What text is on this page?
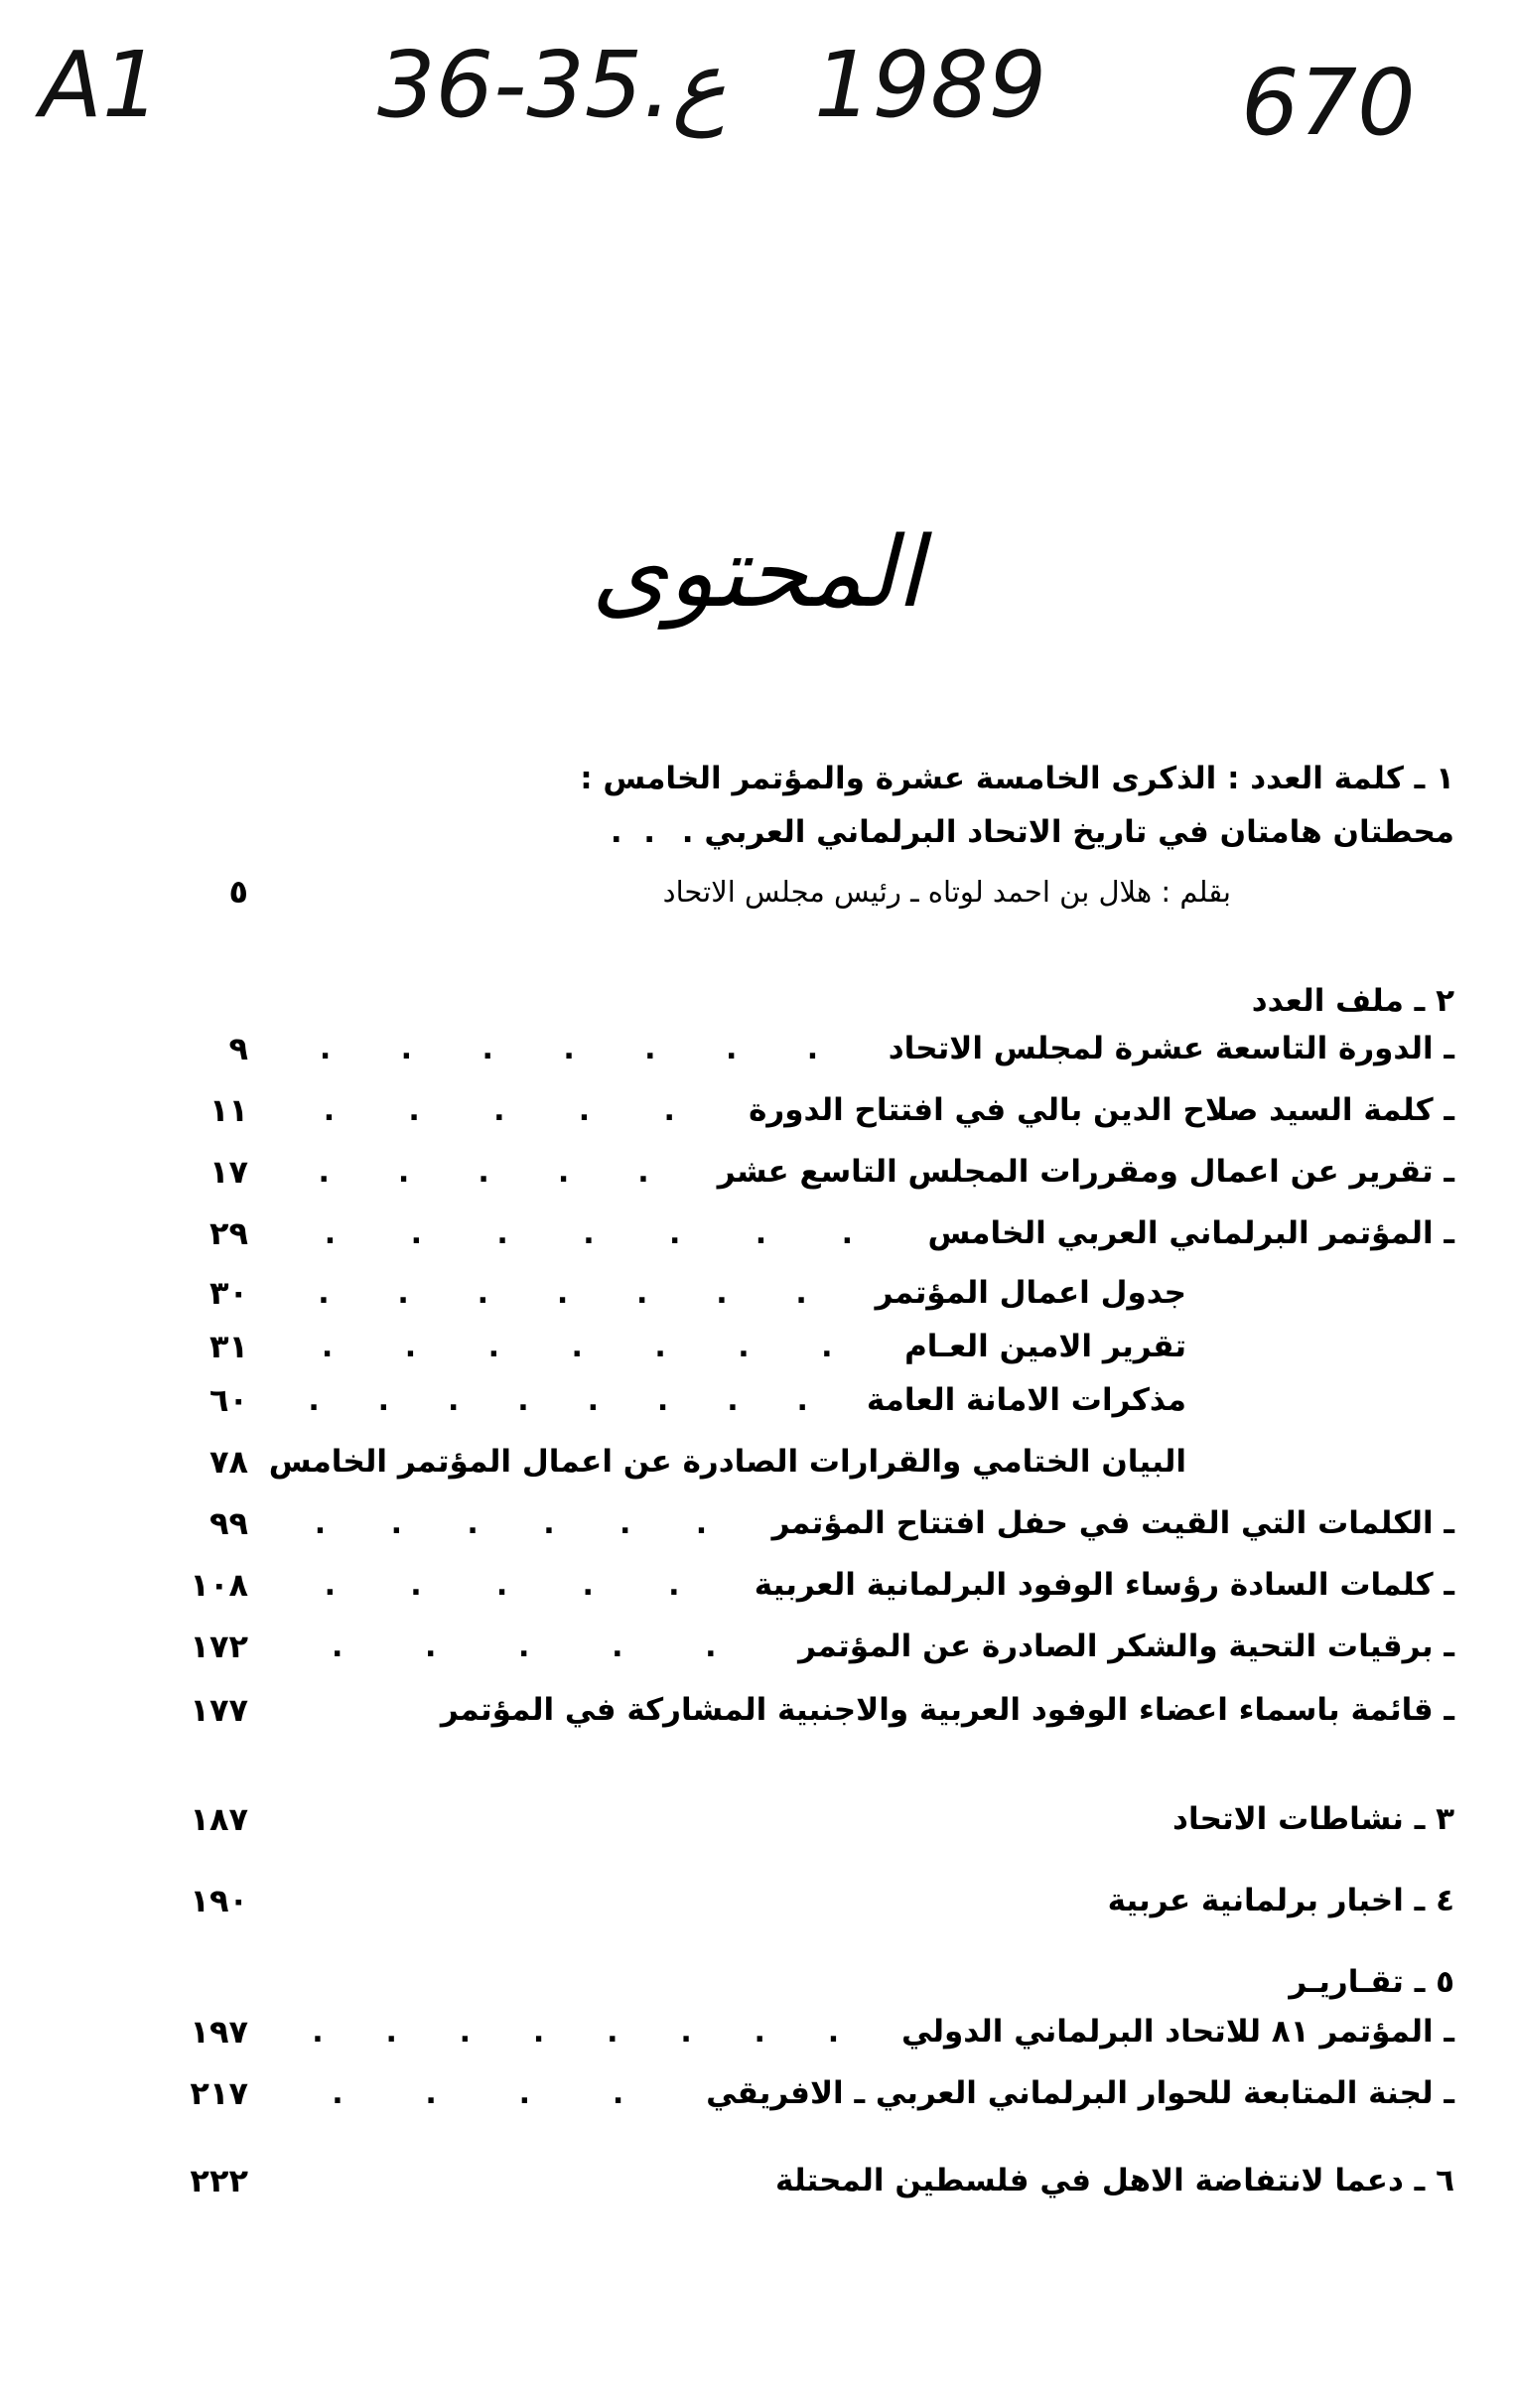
A1 36-35.ع 1989 670
المحتوى
١ ـ كلمة العدد : الذكرى الخامسة عشرة والمؤتمر الخامس :
محطتان هامتان في تاريخ الاتحاد البرلماني العربي .
.  .
بقلم : هلال بن احمد لوتاه ـ رئيس مجلس الاتحاد
٥
٢ ـ ملف العدد
ـ الدورة التاسعة عشرة لمجلس الاتحاد
.
.
.
.
.
.
.
٩
ـ كلمة السيد صلاح الدين بالي في افتتاح الدورة
.
.
.
.
.
١١
ـ تقرير عن اعمال ومقررات المجلس التاسع عشر
.
.
.
.
.
١٧
ـ المؤتمر البرلماني العربي الخامس
.
.
.
.
.
.
.
٢٩
جدول اعمال المؤتمر
.
.
.
.
.
.
.
٣٠
تقرير الامين العـام
.
.
.
.
.
.
.
٣١
مذكرات الامانة العامة
.
.
.
.
.
.
.
.
٦٠
البيان الختامي والقرارات الصادرة عن اعمال المؤتمر الخامس
٧٨
ـ الكلمات التي القيت في حفل افتتاح المؤتمر
.
.
.
.
.
.
٩٩
ـ كلمات السادة رؤساء الوفود البرلمانية العربية
.
.
.
.
.
١٠٨
ـ برقيات التحية والشكر الصادرة عن المؤتمر
.
.
.
.
.
١٧٢
ـ قائمة باسماء اعضاء الوفود العربية والاجنبية المشاركة في المؤتمر
١٧٧
٣ ـ نشاطات الاتحاد
١٨٧
٤ ـ اخبار برلمانية عربية
١٩٠
٥ ـ تقـاريـر
ـ المؤتمر ٨١ للاتحاد البرلماني الدولي
.
.
.
.
.
.
.
.
١٩٧
ـ لجنة المتابعة للحوار البرلماني العربي ـ الافريقي
.
.
.
.
٢١٧
٦ ـ دعما لانتفاضة الاهل في فلسطين المحتلة
٢٢٢
